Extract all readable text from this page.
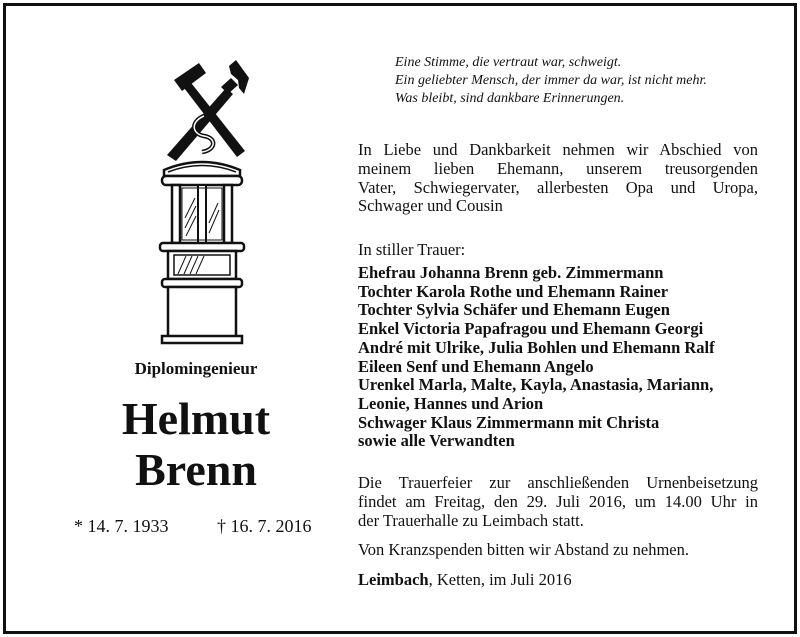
Diplomingenieur
Helmut
Brenn
* 14. 7. 1933	† 16. 7. 2016
Eine Stimme, die vertraut war, schweigt.
Ein geliebter Mensch, der immer da war, ist nicht mehr.
Was bleibt, sind dankbare Erinnerungen.
In Liebe und Dankbarkeit nehmen wir Abschied von
meinem lieben Ehemann, unserem treusorgenden
Vater, Schwiegervater, allerbesten Opa und Uropa,
Schwager und Cousin
In stiller Trauer:
Ehefrau Johanna Brenn geb. Zimmermann
Tochter Karola Rothe und Ehemann Rainer
Tochter Sylvia Schäfer und Ehemann Eugen
Enkel Victoria Papafragou und Ehemann Georgi
André mit Ulrike, Julia Bohlen und Ehemann Ralf
Eileen Senf und Ehemann Angelo
Urenkel Marla, Malte, Kayla, Anastasia, Mariann,
Leonie, Hannes und Arion
Schwager Klaus Zimmermann mit Christa
sowie alle Verwandten
Die Trauerfeier zur anschließenden Urnenbeisetzung
findet am Freitag, den 29. Juli 2016, um 14.00 Uhr in
der Trauerhalle zu Leimbach statt.
Von Kranzspenden bitten wir Abstand zu nehmen.
Leimbach, Ketten, im Juli 2016
